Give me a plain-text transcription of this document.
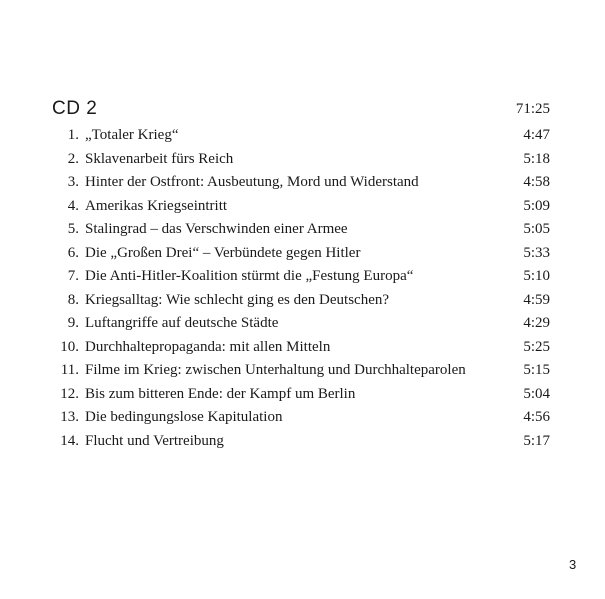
CD 2	71:25
1. „Totaler Krieg“	4:47
2. Sklavenarbeit fürs Reich	5:18
3. Hinter der Ostfront: Ausbeutung, Mord und Widerstand	4:58
4. Amerikas Kriegseintritt	5:09
5. Stalingrad – das Verschwinden einer Armee	5:05
6. Die „Großen Drei“ – Verbündete gegen Hitler	5:33
7. Die Anti-Hitler-Koalition stürmt die „Festung Europa“	5:10
8. Kriegsalltag: Wie schlecht ging es den Deutschen?	4:59
9. Luftangriffe auf deutsche Städte	4:29
10. Durchhaltepropaganda: mit allen Mitteln	5:25
11. Filme im Krieg: zwischen Unterhaltung und Durchhalteparolen	5:15
12. Bis zum bitteren Ende: der Kampf um Berlin	5:04
13. Die bedingungslose Kapitulation	4:56
14. Flucht und Vertreibung	5:17
3
